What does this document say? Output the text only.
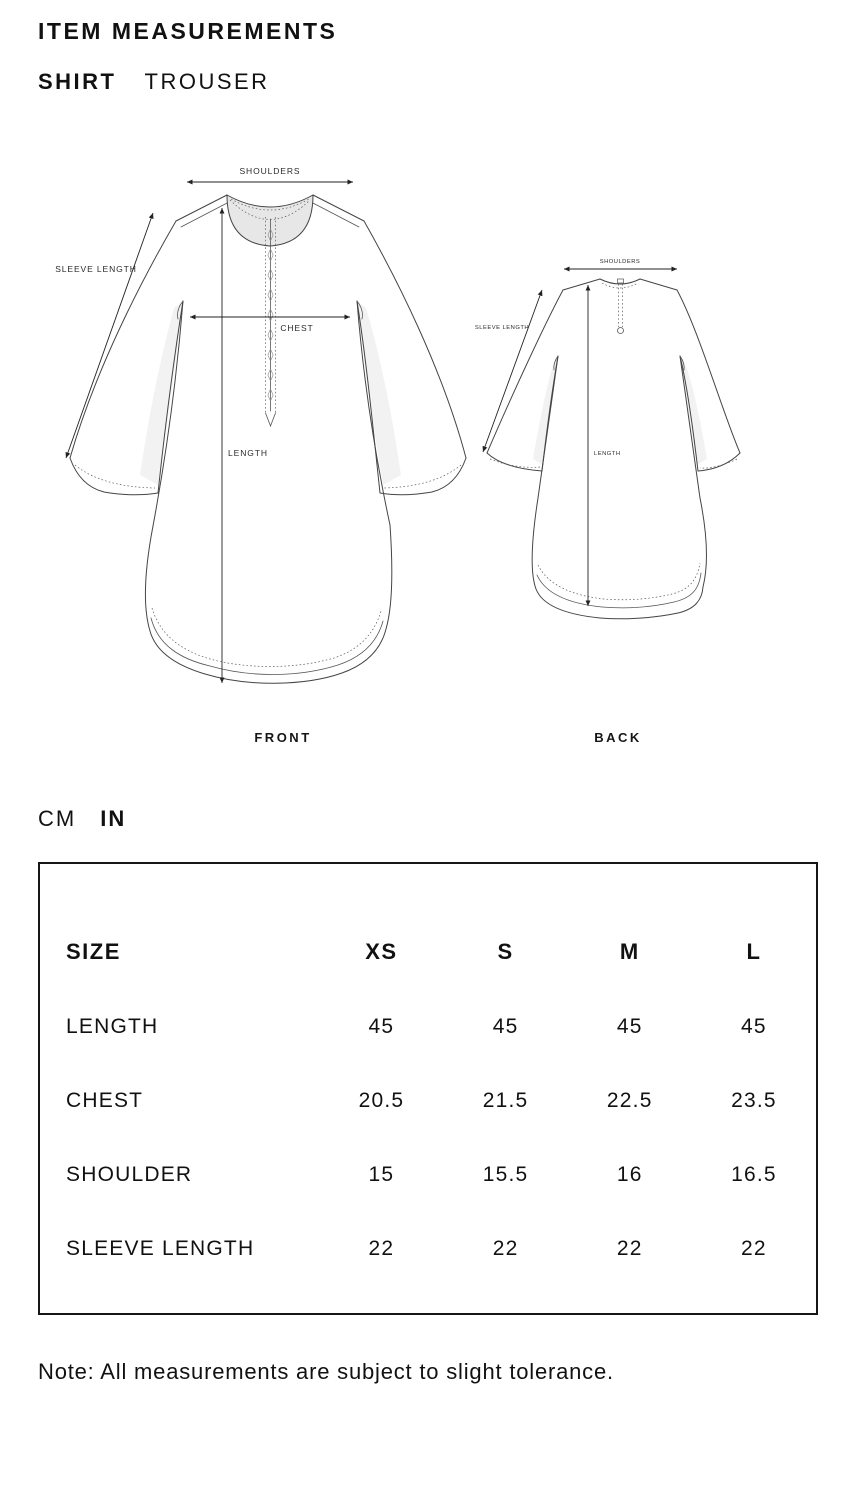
ITEM MEASUREMENTS
SHIRT TROUSER
SHOULDERS
SLEEVE LENGTH
CHEST
LENGTH
FRONT
SHOULDERS
SLEEVE LENGTH
LENGTH
BACK
CM IN
SIZE	XS	S	M	L
LENGTH	45	45	45	45
CHEST	20.5	21.5	22.5	23.5
SHOULDER	15	15.5	16	16.5
SLEEVE LENGTH	22	22	22	22
Note: All measurements are subject to slight tolerance.
